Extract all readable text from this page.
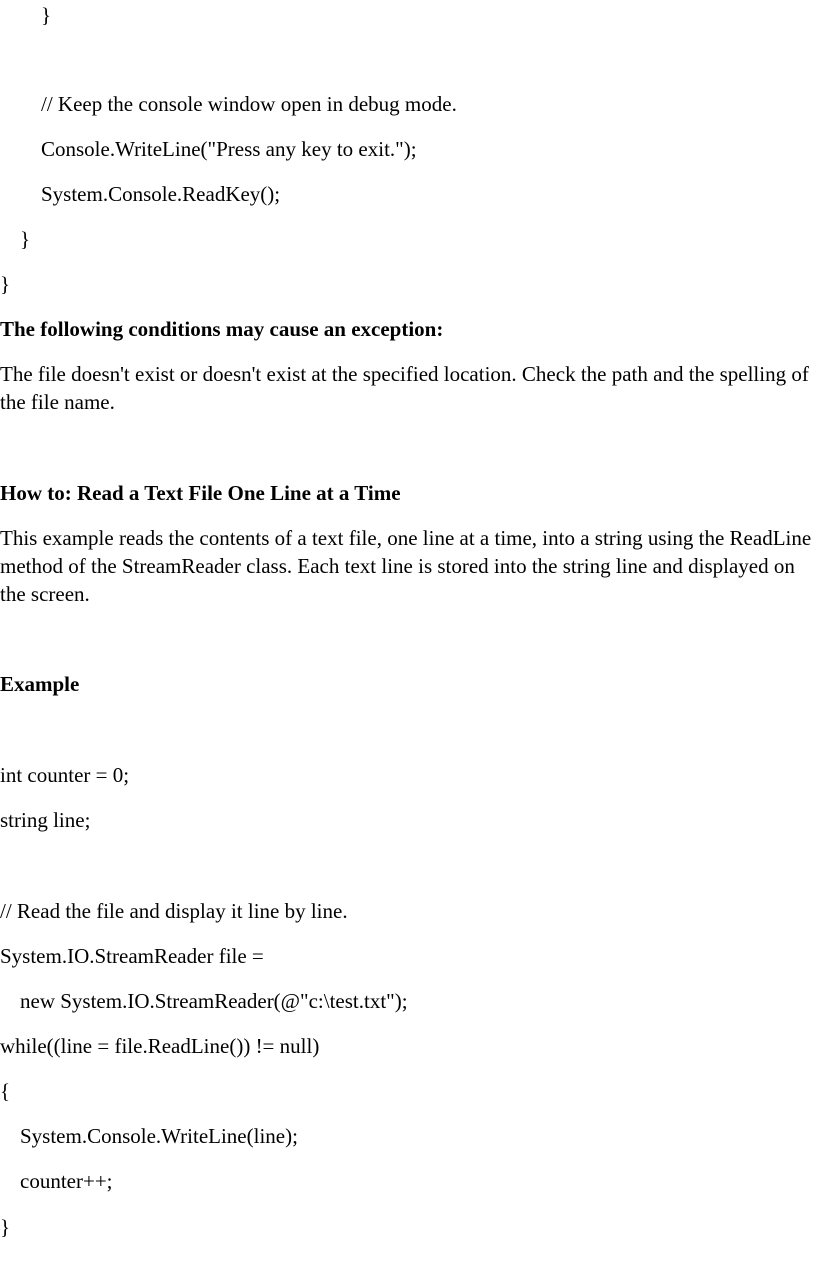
}
// Keep the console window open in debug mode.
Console.WriteLine("Press any key to exit.");
System.Console.ReadKey();
}
}
The following conditions may cause an exception:

The file doesn't exist or doesn't exist at the specified location. Check the path and the spelling of the file name.

How to: Read a Text File One Line at a Time

This example reads the contents of a text file, one line at a time, into a string using the ReadLine method of the StreamReader class. Each text line is stored into the string line and displayed on the screen.

Example
int counter = 0;
string line;
// Read the file and display it line by line.
System.IO.StreamReader file =
new System.IO.StreamReader(@"c:\test.txt");
while((line = file.ReadLine()) != null)
{
System.Console.WriteLine(line);
counter++;
}
